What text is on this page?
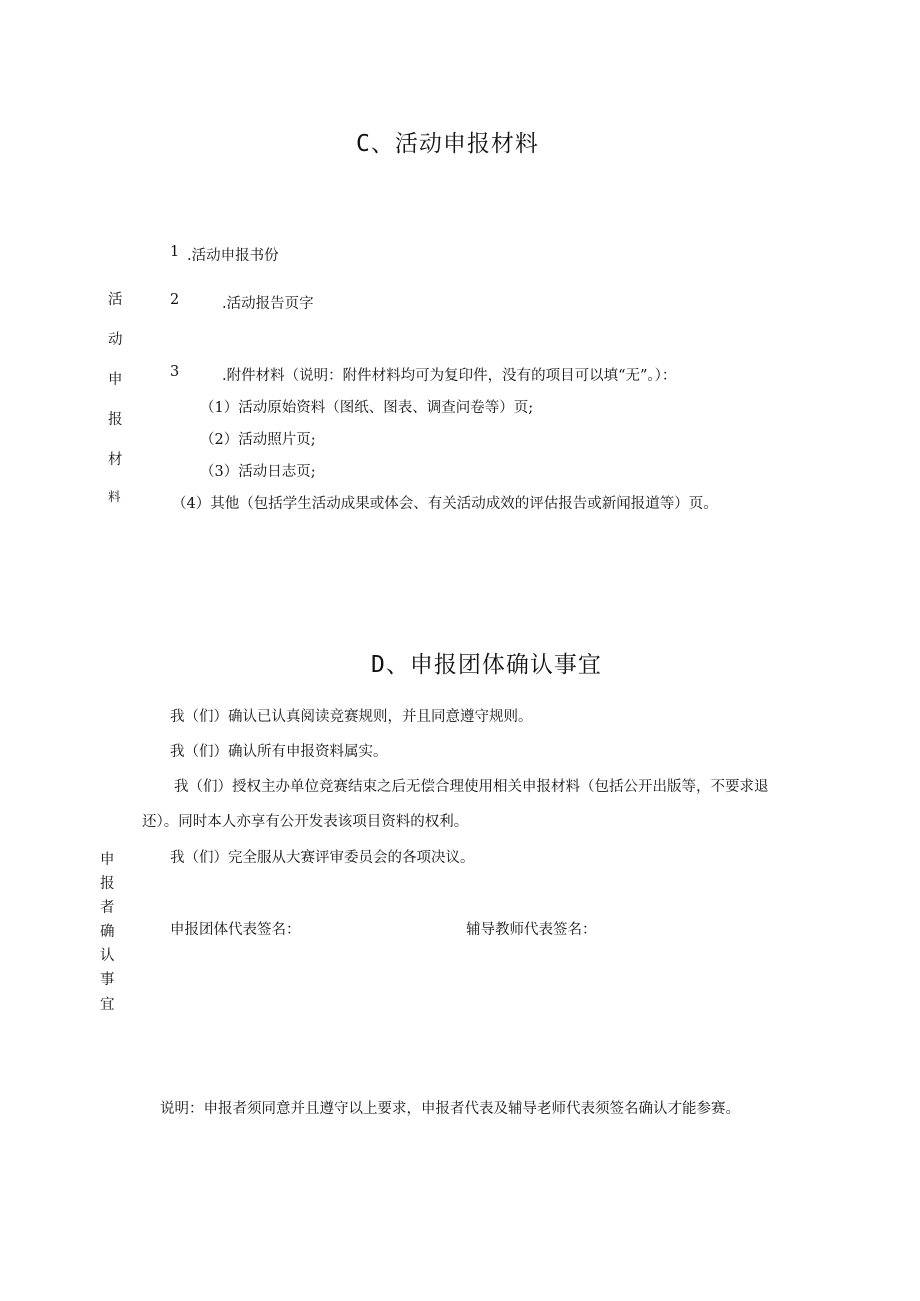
C、活动申报材料
活
动
申
报
材
料
1 .活动申报书份
2	.活动报告页字
3	.附件材料（说明：附件材料均可为复印件，没有的项目可以填“无”。）：
（1）活动原始资料（图纸、图表、调查问卷等）页;
（2）活动照片页;
（3）活动日志页;
（4）其他（包括学生活动成果或体会、有关活动成效的评估报告或新闻报道等）页。
D、申报团体确认事宜
我（们）确认已认真阅读竞赛规则，并且同意遵守规则。
我（们）确认所有申报资料属实。
我（们）授权主办单位竞赛结束之后无偿合理使用相关申报材料（包括公开出版等，不要求退
还）。同时本人亦享有公开发表该项目资料的权利。
我（们）完全服从大赛评审委员会的各项决议。
申
报
者
确
认
事
宜
申报团体代表签名：	辅导教师代表签名：
说明：申报者须同意并且遵守以上要求，申报者代表及辅导老师代表须签名确认才能参赛。
